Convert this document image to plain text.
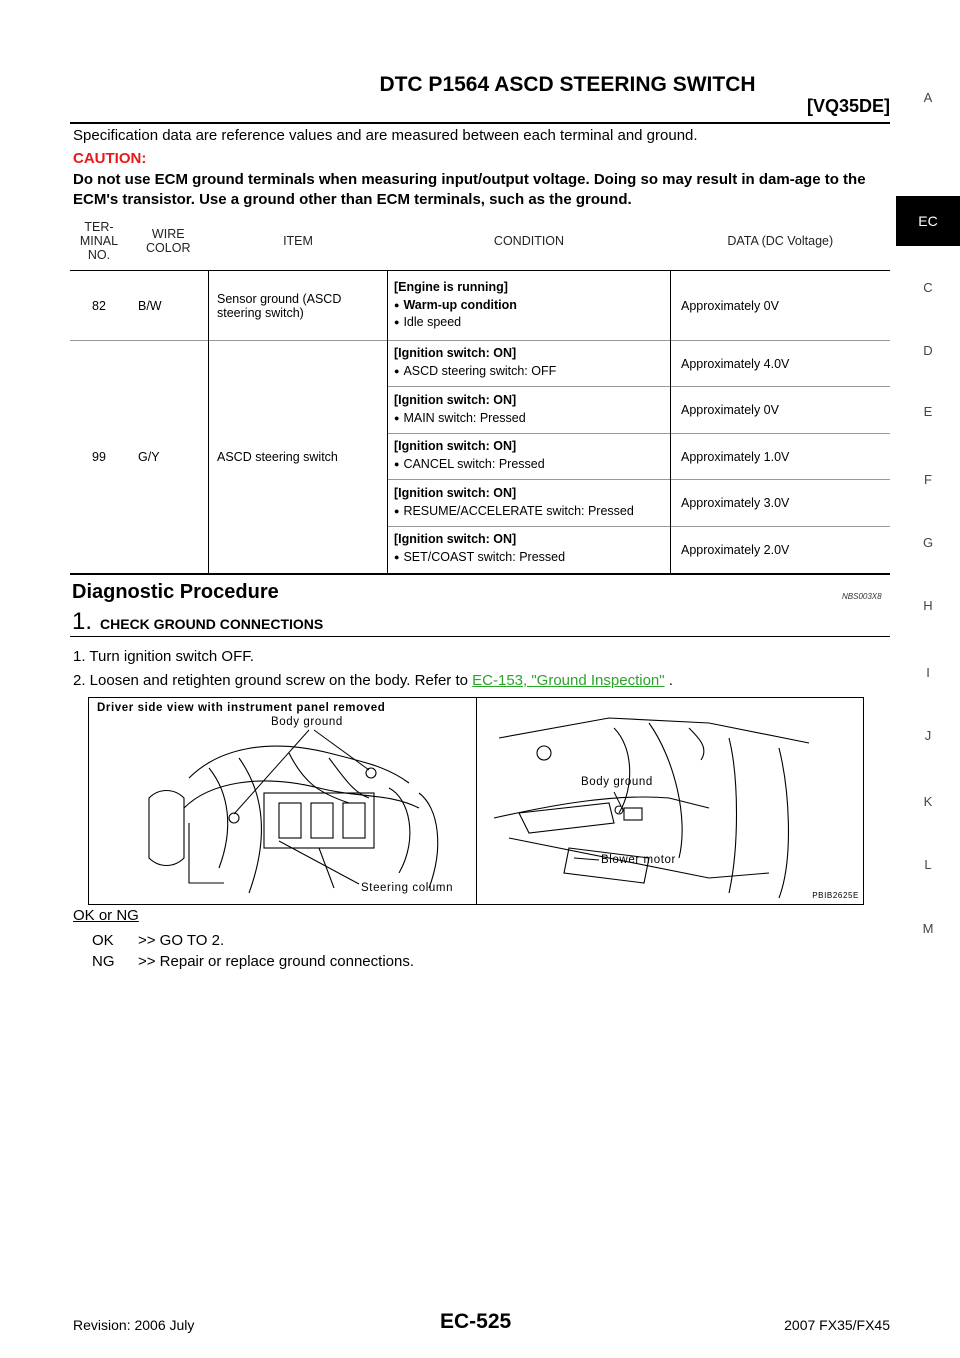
DTC P1564 ASCD STEERING SWITCH
[VQ35DE]	A
EC
C
D
E
F
G
H
I
J
K
L
M
Specification data are reference values and are measured between each terminal and ground.
CAUTION:
Do not use ECM ground terminals when measuring input/output voltage. Doing so may result in dam-age to the ECM's transistor. Use a ground other than ECM terminals, such as the ground.
TER-MINAL NO.	WIRE COLOR	ITEM	CONDITION	DATA (DC Voltage)
82	B/W	Sensor ground (ASCD steering switch)	[Engine is running]
● Warm-up condition
● Idle speed	Approximately 0V
99	G/Y	ASCD steering switch	[Ignition switch: ON]
● ASCD steering switch: OFF	Approximately 4.0V

			[Ignition switch: ON]
● MAIN switch: Pressed	Approximately 0V

			[Ignition switch: ON]
● CANCEL switch: Pressed	Approximately 1.0V

			[Ignition switch: ON]
● RESUME/ACCELERATE switch: Pressed	Approximately 3.0V

			[Ignition switch: ON]
● SET/COAST switch: Pressed	Approximately 2.0V
Diagnostic Procedure	NBS003X8
1. CHECK GROUND CONNECTIONS
1. Turn ignition switch OFF.
2. Loosen and retighten ground screw on the body. Refer to EC-153, "Ground Inspection" .
Driver side view with instrument panel removed
Body ground
Steering column
Body ground
Blower motor
PBIB2625E
OK or NG
OK >> GO TO 2.
NG >> Repair or replace ground connections.
Revision: 2006 July	EC-525	2007 FX35/FX45
